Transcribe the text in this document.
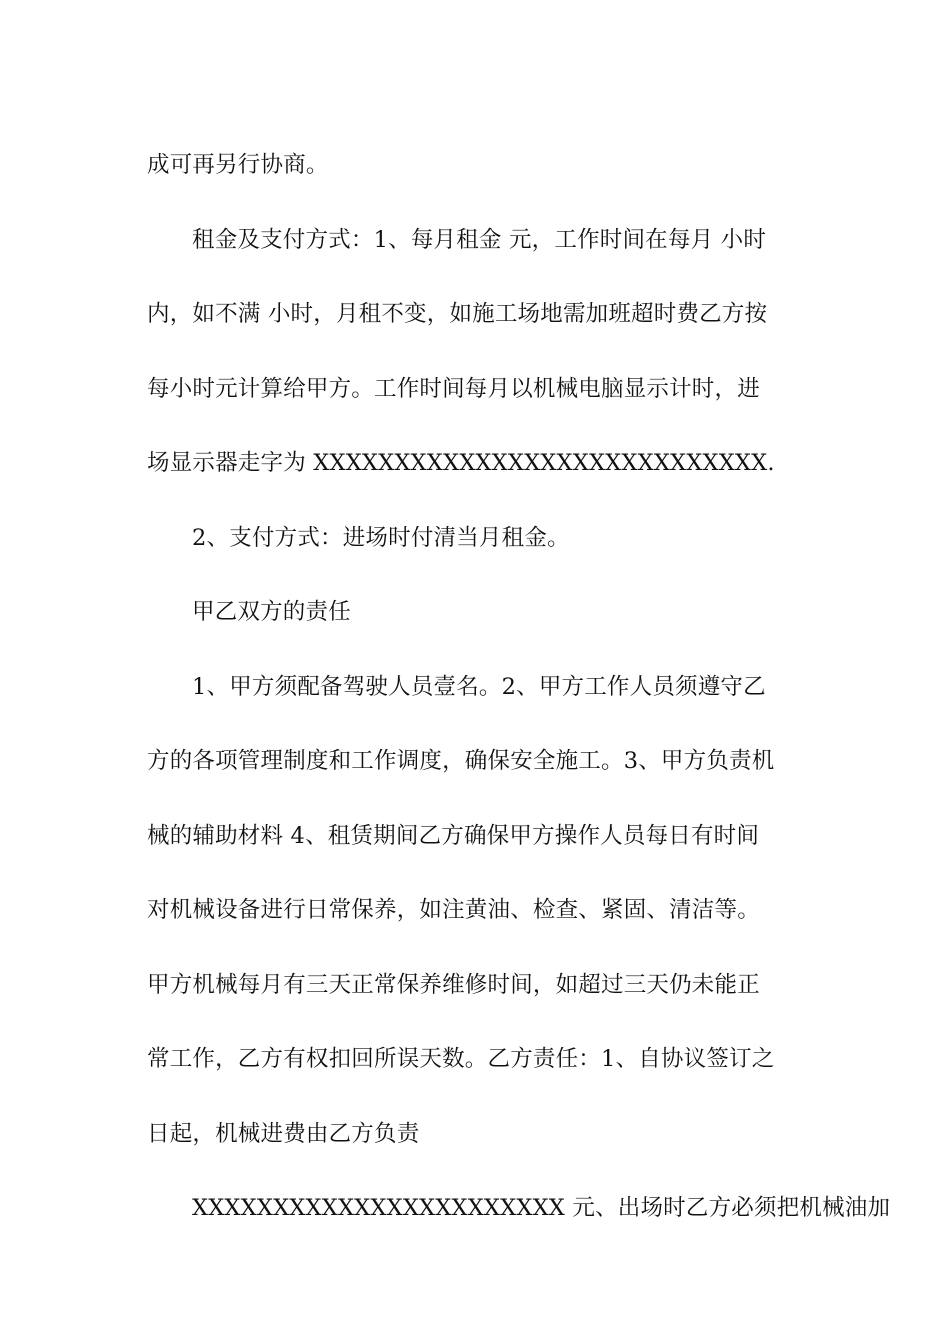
成可再另行协商。
租金及支付方式：1、每月租金 元，工作时间在每月 小时
内，如不满 小时，月租不变，如施工场地需加班超时费乙方按
每小时元计算给甲方。工作时间每月以机械电脑显示计时，进
场显示器走字为 XXXXXXXXXXXXXXXXXXXXXXXXXXXX.
2、支付方式：进场时付清当月租金。
甲乙双方的责任
1、甲方须配备驾驶人员壹名。2、甲方工作人员须遵守乙
方的各项管理制度和工作调度，确保安全施工。3、甲方负责机
械的辅助材料 4、租赁期间乙方确保甲方操作人员每日有时间
对机械设备进行日常保养，如注黄油、检查、紧固、清洁等。
甲方机械每月有三天正常保养维修时间，如超过三天仍未能正
常工作，乙方有权扣回所误天数。乙方责任：1、自协议签订之
日起，机械进费由乙方负责
XXXXXXXXXXXXXXXXXXXXXXX 元、出场时乙方必须把机械油加
